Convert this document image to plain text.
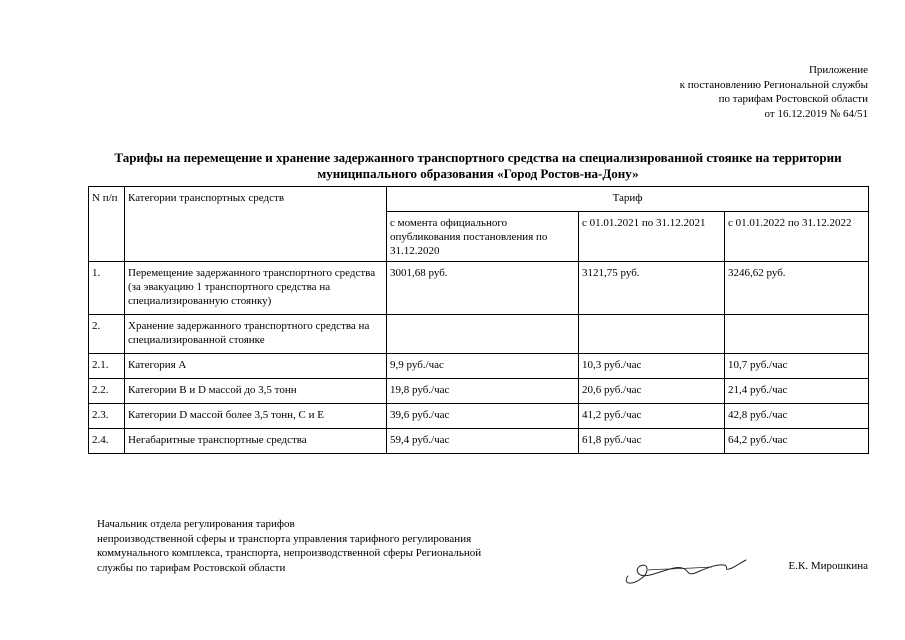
Приложение
к постановлению Региональной службы
по тарифам Ростовской области
от 16.12.2019 № 64/51
Тарифы на перемещение и хранение задержанного транспортного средства на специализированной стоянке на территории муниципального образования «Город Ростов-на-Дону»
N п/п	Категории транспортных средств	Тариф		
		с момента официального опубликования постановления по 31.12.2020	с 01.01.2021 по 31.12.2021	с 01.01.2022 по 31.12.2022
1.	Перемещение задержанного транспортного средства (за эвакуацию 1 транспортного средства на специализированную стоянку)	3001,68 руб.	3121,75 руб.	3246,62 руб.
2.	Хранение задержанного транспортного средства на специализированной стоянке			
2.1.	Категория A	9,9 руб./час	10,3 руб./час	10,7 руб./час
2.2.	Категории B и D массой до 3,5 тонн	19,8 руб./час	20,6 руб./час	21,4 руб./час
2.3.	Категории D массой более 3,5 тонн, C и E	39,6 руб./час	41,2 руб./час	42,8 руб./час
2.4.	Негабаритные транспортные средства	59,4 руб./час	61,8 руб./час	64,2 руб./час
Начальник отдела регулирования тарифов
непроизводственной сферы и транспорта управления тарифного регулирования
коммунального комплекса, транспорта, непроизводственной сферы Региональной
службы по тарифам Ростовской области	Е.К. Мирошкина
